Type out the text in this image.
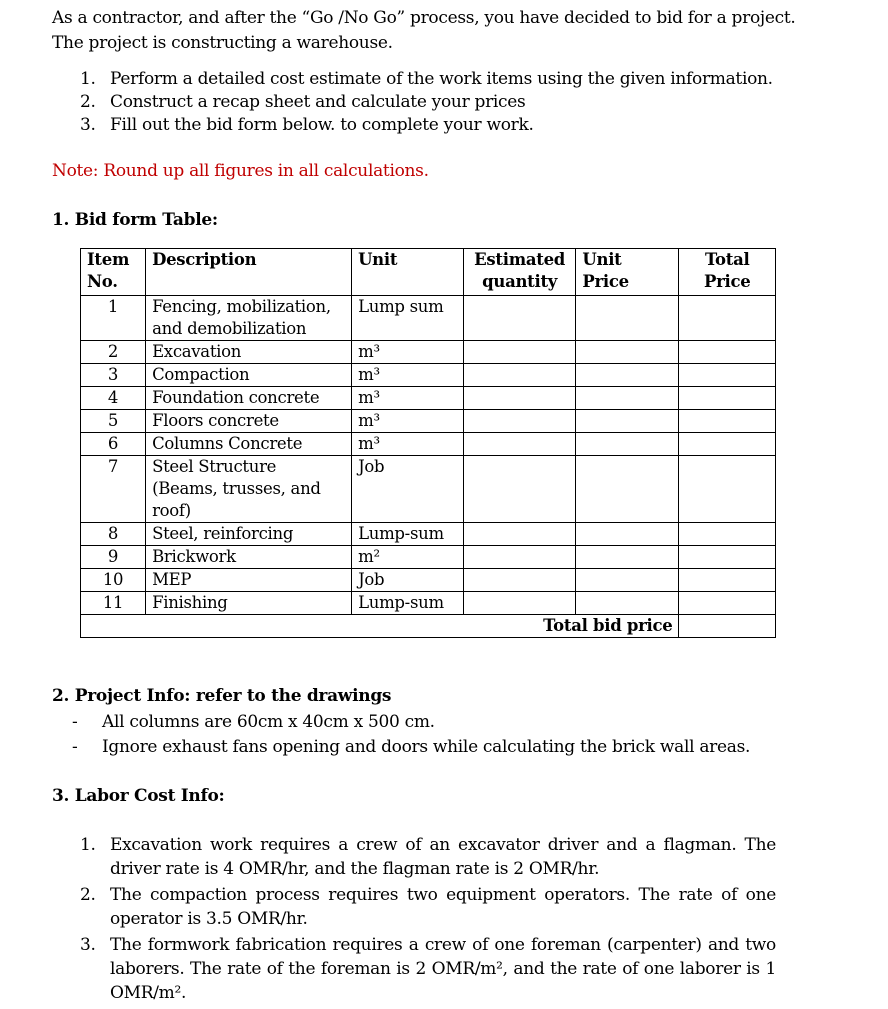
As a contractor, and after the “Go /No Go” process, you have decided to bid for a project. The project is constructing a warehouse.
1. Perform a detailed cost estimate of the work items using the given information.
2. Construct a recap sheet and calculate your prices
3. Fill out the bid form below. to complete your work.
Note: Round up all figures in all calculations.
1. Bid form Table:
Item No.	Description	Unit	Estimated quantity	Unit Price	Total Price
1	Fencing, mobilization, and demobilization	Lump sum			
2	Excavation	m³			
3	Compaction	m³			
4	Foundation concrete	m³			
5	Floors concrete	m³			
6	Columns Concrete	m³			
7	Steel Structure (Beams, trusses, and roof)	Job			
8	Steel, reinforcing	Lump-sum			
9	Brickwork	m²			
10	MEP	Job			
11	Finishing	Lump-sum			
Total bid price					
2. Project Info: refer to the drawings
- All columns are 60cm x 40cm x 500 cm.
- Ignore exhaust fans opening and doors while calculating the brick wall areas.
3. Labor Cost Info:
1. Excavation work requires a crew of an excavator driver and a flagman. The driver rate is 4 OMR/hr, and the flagman rate is 2 OMR/hr.
2. The compaction process requires two equipment operators. The rate of one operator is 3.5 OMR/hr.
3. The formwork fabrication requires a crew of one foreman (carpenter) and two laborers. The rate of the foreman is 2 OMR/m², and the rate of one laborer is 1 OMR/m².
